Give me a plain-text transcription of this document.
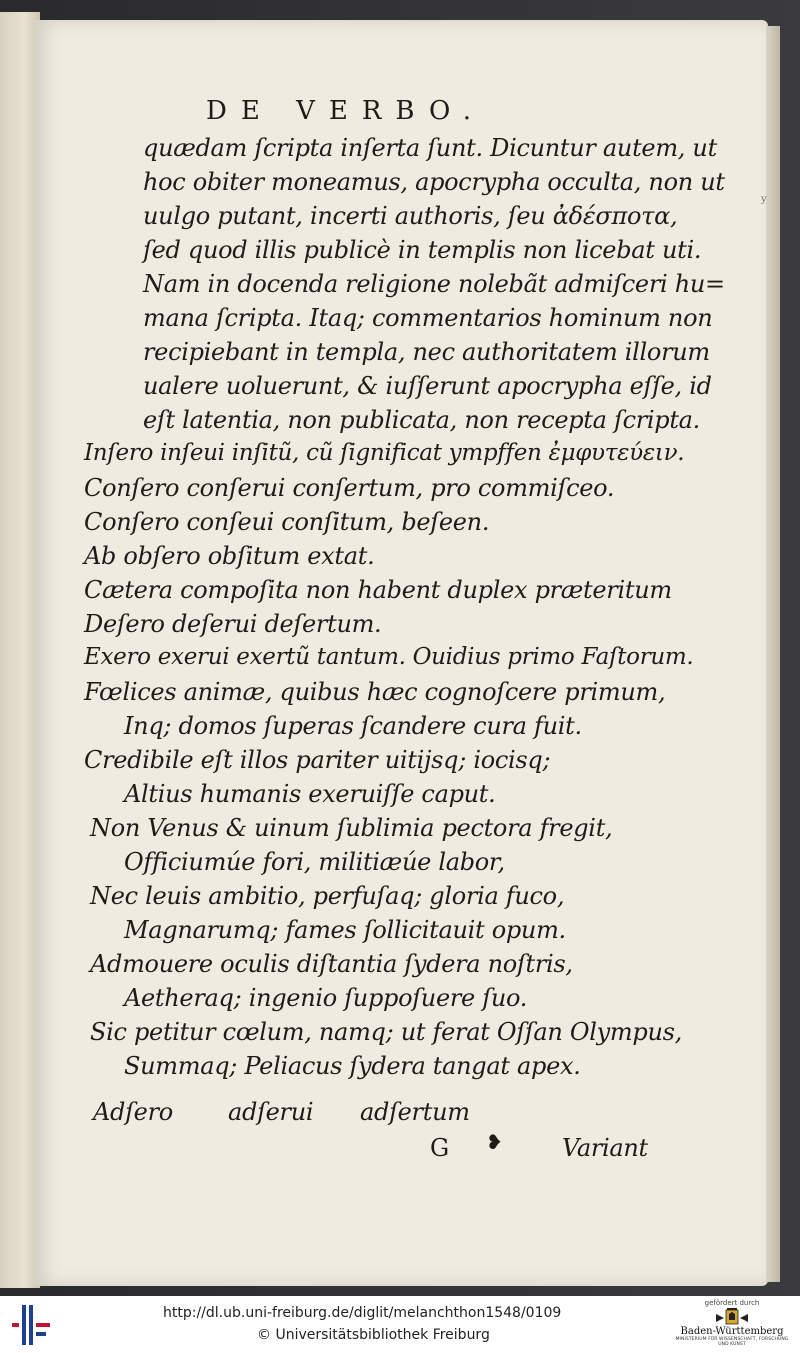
DE VERBO.
y
quædam ſcripta inſerta ſunt. Dicuntur autem, ut
hoc obiter moneamus, apocrypha occulta, non ut
uulgo putant, incerti authoris, ſeu ἀδέσποτα,
ſed quod illis publicè in templis non licebat uti.
Nam in docenda religione nolebãt admiſceri hu=
mana ſcripta. Itaq; commentarios hominum non
recipiebant in templa, nec authoritatem illorum
ualere uoluerunt, & iuſſerunt apocrypha eſſe, id
eſt latentia, non publicata, non recepta ſcripta.
Inſero inſeui inſitũ, cũ ſignificat ympffen ἐμφυτεύειν.
Conſero conſerui conſertum, pro commiſceo.
Conſero conſeui conſitum, beſeen.
Ab obſero obſitum extat.
Cætera compoſita non habent duplex præteritum
Deſero deſerui deſertum.
Exero exerui exertũ tantum. Ouidius primo Faſtorum.
Fœlices animæ, quibus hæc cognoſcere primum,
Inq; domos ſuperas ſcandere cura fuit.
Credibile eſt illos pariter uitijsq; iocisq;
Altius humanis exeruiſſe caput.
Non Venus & uinum ſublimia pectora fregit,
Officiumúe fori, militiæúe labor,
Nec leuis ambitio, perfuſaq; gloria fuco,
Magnarumq; fames ſollicitauit opum.
Admouere oculis diſtantia ſydera noſtris,
Aetheraq; ingenio ſuppoſuere ſuo.
Sic petitur cœlum, namq; ut ferat Oſſan Olympus,
Summaq; Peliacus ſydera tangat apex.
Adſero adſerui adſertum
G ❥ Variant
http://dl.ub.uni-freiburg.de/diglit/melanchthon1548/0109
© Universitätsbibliothek Freiburg
gefördert durch
Baden-Württemberg
MINISTERIUM FÜR WISSENSCHAFT, FORSCHUNG UND KUNST
